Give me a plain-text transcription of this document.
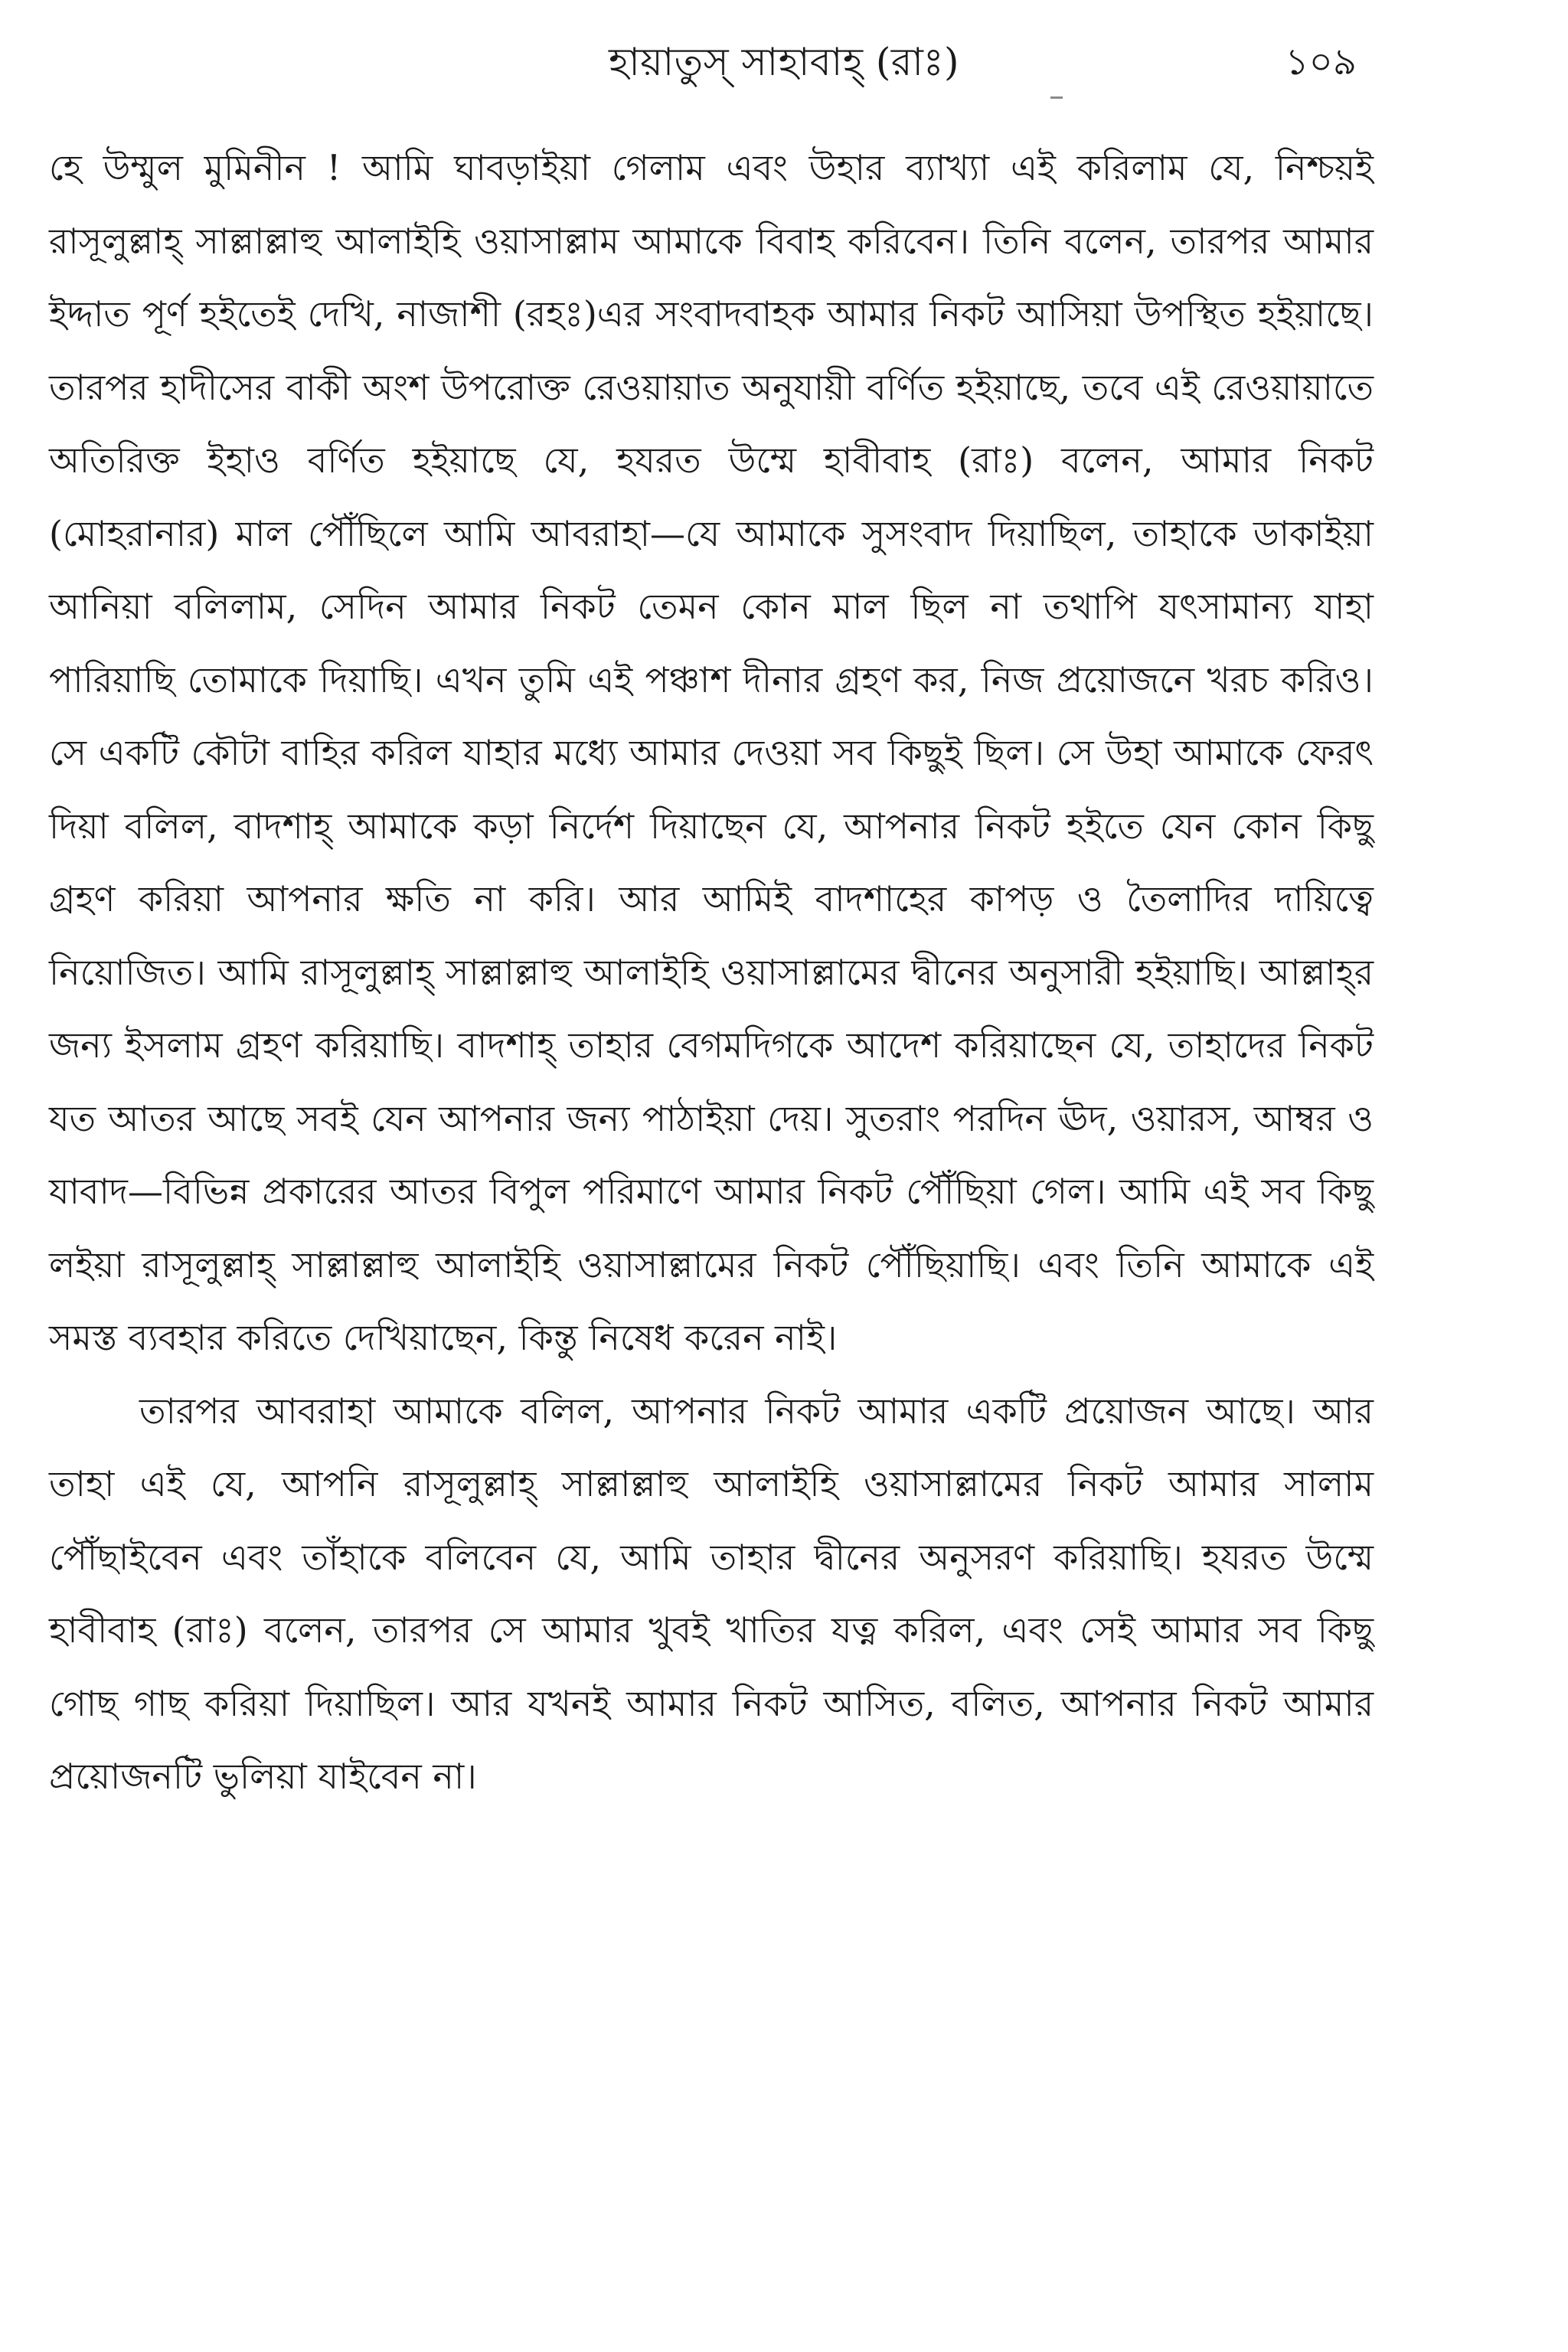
হায়াতুস্‌ সাহাবাহ্‌ (রাঃ)	১০৯

হে উম্মুল মুমিনীন ! আমি ঘাবড়াইয়া গেলাম এবং উহার ব্যাখ্যা এই করিলাম যে, নিশ্চয়ই রাসূলুল্লাহ্‌ সাল্লাল্লাহু আলাইহি ওয়াসাল্লাম আমাকে বিবাহ করিবেন। তিনি বলেন, তারপর আমার ইদ্দাত পূর্ণ হইতেই দেখি, নাজাশী (রহঃ)এর সংবাদবাহক আমার নিকট আসিয়া উপস্থিত হইয়াছে। তারপর হাদীসের বাকী অংশ উপরোক্ত রেওয়ায়াত অনুযায়ী বর্ণিত হইয়াছে, তবে এই রেওয়ায়াতে অতিরিক্ত ইহাও বর্ণিত হইয়াছে যে, হযরত উম্মে হাবীবাহ (রাঃ) বলেন, আমার নিকট (মোহরানার) মাল পৌঁছিলে আমি আবরাহা—যে আমাকে সুসংবাদ দিয়াছিল, তাহাকে ডাকাইয়া আনিয়া বলিলাম, সেদিন আমার নিকট তেমন কোন মাল ছিল না তথাপি যৎসামান্য যাহা পারিয়াছি তোমাকে দিয়াছি। এখন তুমি এই পঞ্চাশ দীনার গ্রহণ কর, নিজ প্রয়োজনে খরচ করিও। সে একটি কৌটা বাহির করিল যাহার মধ্যে আমার দেওয়া সব কিছুই ছিল। সে উহা আমাকে ফেরৎ দিয়া বলিল, বাদশাহ্‌ আমাকে কড়া নির্দেশ দিয়াছেন যে, আপনার নিকট হইতে যেন কোন কিছু গ্রহণ করিয়া আপনার ক্ষতি না করি। আর আমিই বাদশাহের কাপড় ও তৈলাদির দায়িত্বে নিয়োজিত। আমি রাসূলুল্লাহ্‌ সাল্লাল্লাহু আলাইহি ওয়াসাল্লামের দ্বীনের অনুসারী হইয়াছি। আল্লাহ্‌র জন্য ইসলাম গ্রহণ করিয়াছি। বাদশাহ্‌ তাহার বেগমদিগকে আদেশ করিয়াছেন যে, তাহাদের নিকট যত আতর আছে সবই যেন আপনার জন্য পাঠাইয়া দেয়। সুতরাং পরদিন ঊদ, ওয়ারস, আম্বর ও যাবাদ—বিভিন্ন প্রকারের আতর বিপুল পরিমাণে আমার নিকট পৌঁছিয়া গেল। আমি এই সব কিছু লইয়া রাসূলুল্লাহ্‌ সাল্লাল্লাহু আলাইহি ওয়াসাল্লামের নিকট পৌঁছিয়াছি। এবং তিনি আমাকে এই সমস্ত ব্যবহার করিতে দেখিয়াছেন, কিন্তু নিষেধ করেন নাই।

তারপর আবরাহা আমাকে বলিল, আপনার নিকট আমার একটি প্রয়োজন আছে। আর তাহা এই যে, আপনি রাসূলুল্লাহ্‌ সাল্লাল্লাহু আলাইহি ওয়াসাল্লামের নিকট আমার সালাম পৌঁছাইবেন এবং তাঁহাকে বলিবেন যে, আমি তাহার দ্বীনের অনুসরণ করিয়াছি। হযরত উম্মে হাবীবাহ (রাঃ) বলেন, তারপর সে আমার খুবই খাতির যত্ন করিল, এবং সেই আমার সব কিছু গোছ গাছ করিয়া দিয়াছিল। আর যখনই আমার নিকট আসিত, বলিত, আপনার নিকট আমার প্রয়োজনটি ভুলিয়া যাইবেন না।
